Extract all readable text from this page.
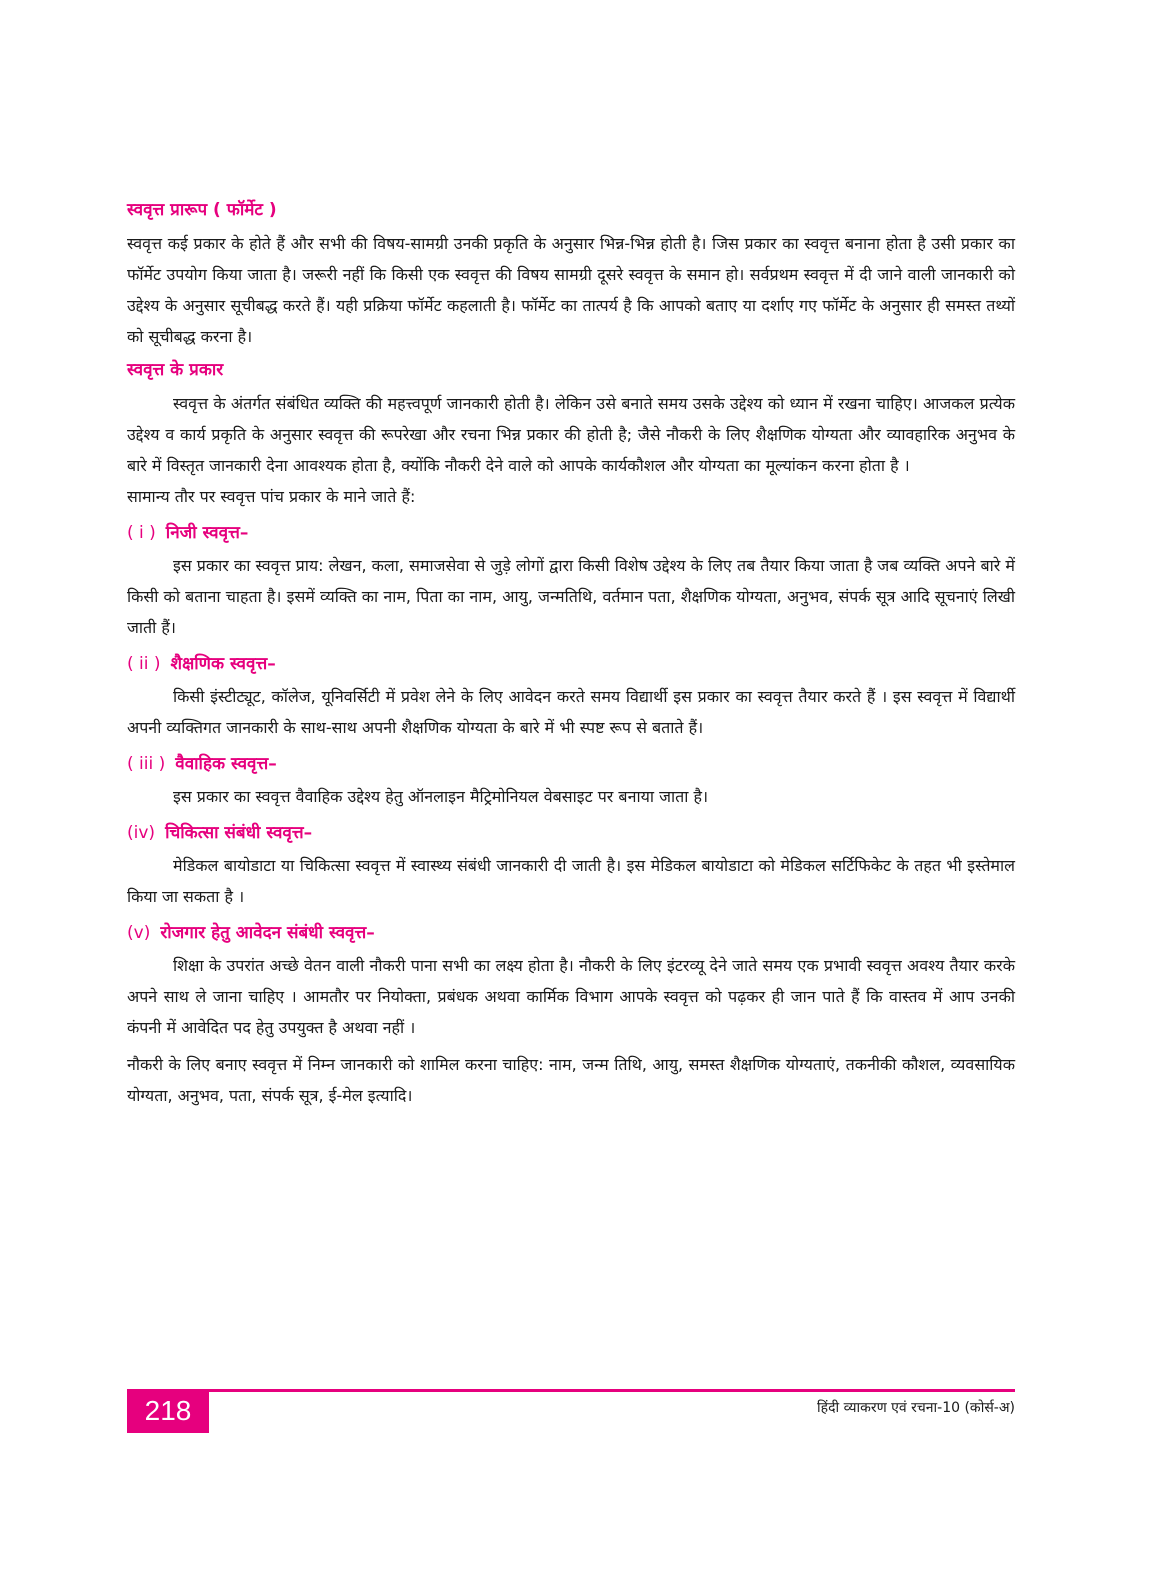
स्ववृत्त प्रारूप ( फॉर्मेट )

स्ववृत्त कई प्रकार के होते हैं और सभी की विषय-सामग्री उनकी प्रकृति के अनुसार भिन्न-भिन्न होती है। जिस प्रकार का स्ववृत्त बनाना होता है उसी प्रकार का फॉर्मेट उपयोग किया जाता है। जरूरी नहीं कि किसी एक स्ववृत्त की विषय सामग्री दूसरे स्ववृत्त के समान हो। सर्वप्रथम स्ववृत्त में दी जाने वाली जानकारी को उद्देश्य के अनुसार सूचीबद्ध करते हैं। यही प्रक्रिया फॉर्मेट कहलाती है। फॉर्मेट का तात्पर्य है कि आपको बताए या दर्शाए गए फॉर्मेट के अनुसार ही समस्त तथ्यों को सूचीबद्ध करना है।

स्ववृत्त के प्रकार

स्ववृत्त के अंतर्गत संबंधित व्यक्ति की महत्त्वपूर्ण जानकारी होती है। लेकिन उसे बनाते समय उसके उद्देश्य को ध्यान में रखना चाहिए। आजकल प्रत्येक उद्देश्य व कार्य प्रकृति के अनुसार स्ववृत्त की रूपरेखा और रचना भिन्न प्रकार की होती है; जैसे नौकरी के लिए शैक्षणिक योग्यता और व्यावहारिक अनुभव के बारे में विस्तृत जानकारी देना आवश्यक होता है, क्योंकि नौकरी देने वाले को आपके कार्यकौशल और योग्यता का मूल्यांकन करना होता है ।

सामान्य तौर पर स्ववृत्त पांच प्रकार के माने जाते हैं:

( i ) निजी स्ववृत्त–

इस प्रकार का स्ववृत्त प्राय: लेखन, कला, समाजसेवा से जुड़े लोगों द्वारा किसी विशेष उद्देश्य के लिए तब तैयार किया जाता है जब व्यक्ति अपने बारे में किसी को बताना चाहता है। इसमें व्यक्ति का नाम, पिता का नाम, आयु, जन्मतिथि, वर्तमान पता, शैक्षणिक योग्यता, अनुभव, संपर्क सूत्र आदि सूचनाएं लिखी जाती हैं।

( ii ) शैक्षणिक स्ववृत्त–

किसी इंस्टीट्यूट, कॉलेज, यूनिवर्सिटी में प्रवेश लेने के लिए आवेदन करते समय विद्यार्थी इस प्रकार का स्ववृत्त तैयार करते हैं । इस स्ववृत्त में विद्यार्थी अपनी व्यक्तिगत जानकारी के साथ-साथ अपनी शैक्षणिक योग्यता के बारे में भी स्पष्ट रूप से बताते हैं।

( iii ) वैवाहिक स्ववृत्त–

इस प्रकार का स्ववृत्त वैवाहिक उद्देश्य हेतु ऑनलाइन मैट्रिमोनियल वेबसाइट पर बनाया जाता है।

(iv) चिकित्सा संबंधी स्ववृत्त–

मेडिकल बायोडाटा या चिकित्सा स्ववृत्त में स्वास्थ्य संबंधी जानकारी दी जाती है। इस मेडिकल बायोडाटा को मेडिकल सर्टिफिकेट के तहत भी इस्तेमाल किया जा सकता है ।

(v) रोजगार हेतु आवेदन संबंधी स्ववृत्त–

शिक्षा के उपरांत अच्छे वेतन वाली नौकरी पाना सभी का लक्ष्य होता है। नौकरी के लिए इंटरव्यू देने जाते समय एक प्रभावी स्ववृत्त अवश्य तैयार करके अपने साथ ले जाना चाहिए । आमतौर पर नियोक्ता, प्रबंधक अथवा कार्मिक विभाग आपके स्ववृत्त को पढ़कर ही जान पाते हैं कि वास्तव में आप उनकी कंपनी में आवेदित पद हेतु उपयुक्त है अथवा नहीं ।

नौकरी के लिए बनाए स्ववृत्त में निम्न जानकारी को शामिल करना चाहिए: नाम, जन्म तिथि, आयु, समस्त शैक्षणिक योग्यताएं, तकनीकी कौशल, व्यवसायिक योग्यता, अनुभव, पता, संपर्क सूत्र, ई-मेल इत्यादि।

218	हिंदी व्याकरण एवं रचना-10 (कोर्स-अ)
